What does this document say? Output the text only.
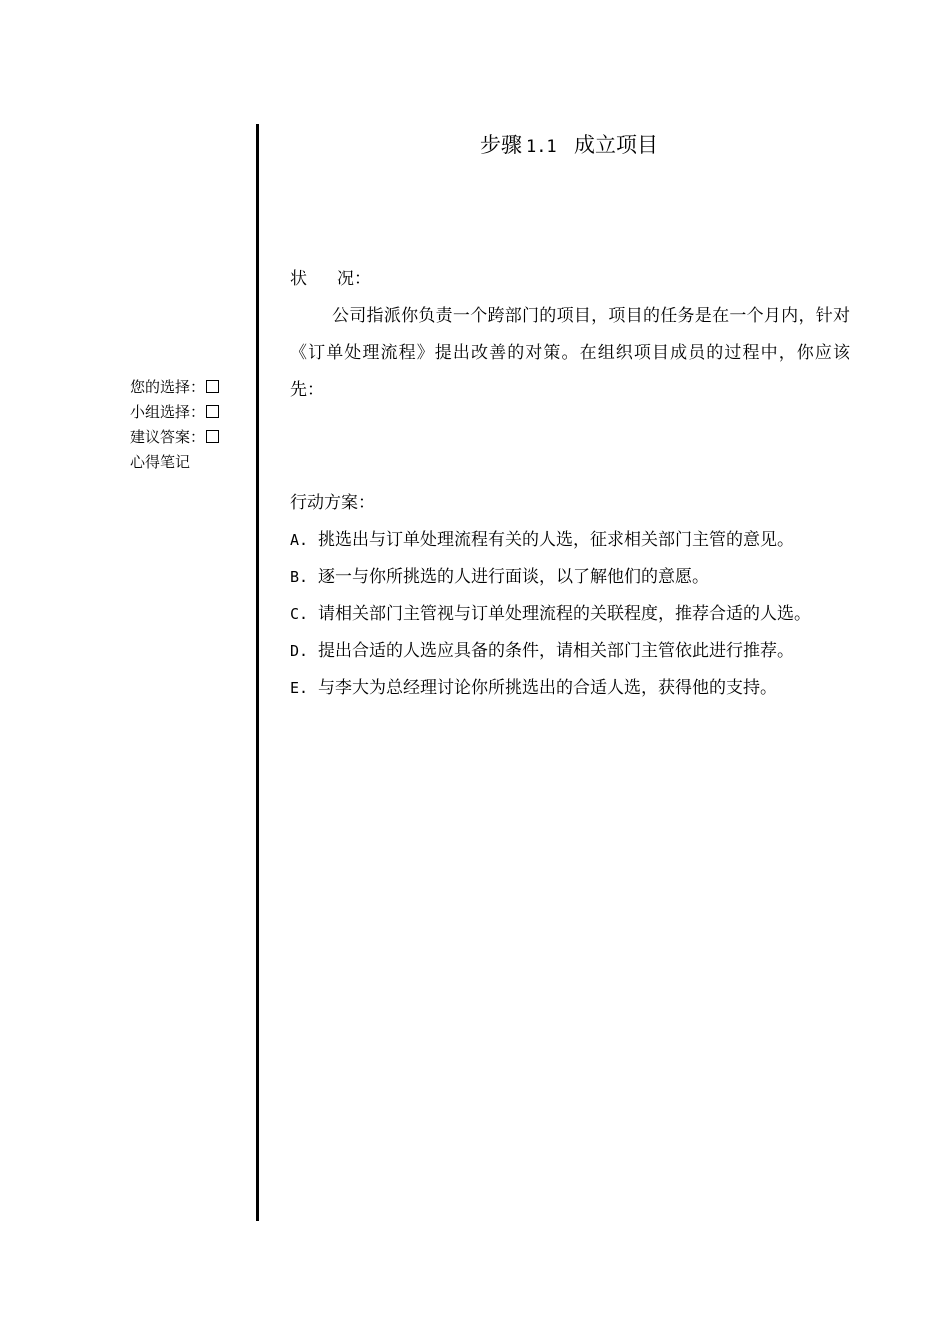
您的选择：
小组选择：
建议答案：
心得笔记
步骤 1.1 成立项目
状 况：
公司指派你负责一个跨部门的项目，项目的任务是在一个月内，针对《订单处理流程》提出改善的对策。在组织项目成员的过程中，你应该先：
行动方案：
A. 挑选出与订单处理流程有关的人选，征求相关部门主管的意见。
B. 逐一与你所挑选的人进行面谈，以了解他们的意愿。
C. 请相关部门主管视与订单处理流程的关联程度，推荐合适的人选。
D. 提出合适的人选应具备的条件，请相关部门主管依此进行推荐。
E. 与李大为总经理讨论你所挑选出的合适人选，获得他的支持。
